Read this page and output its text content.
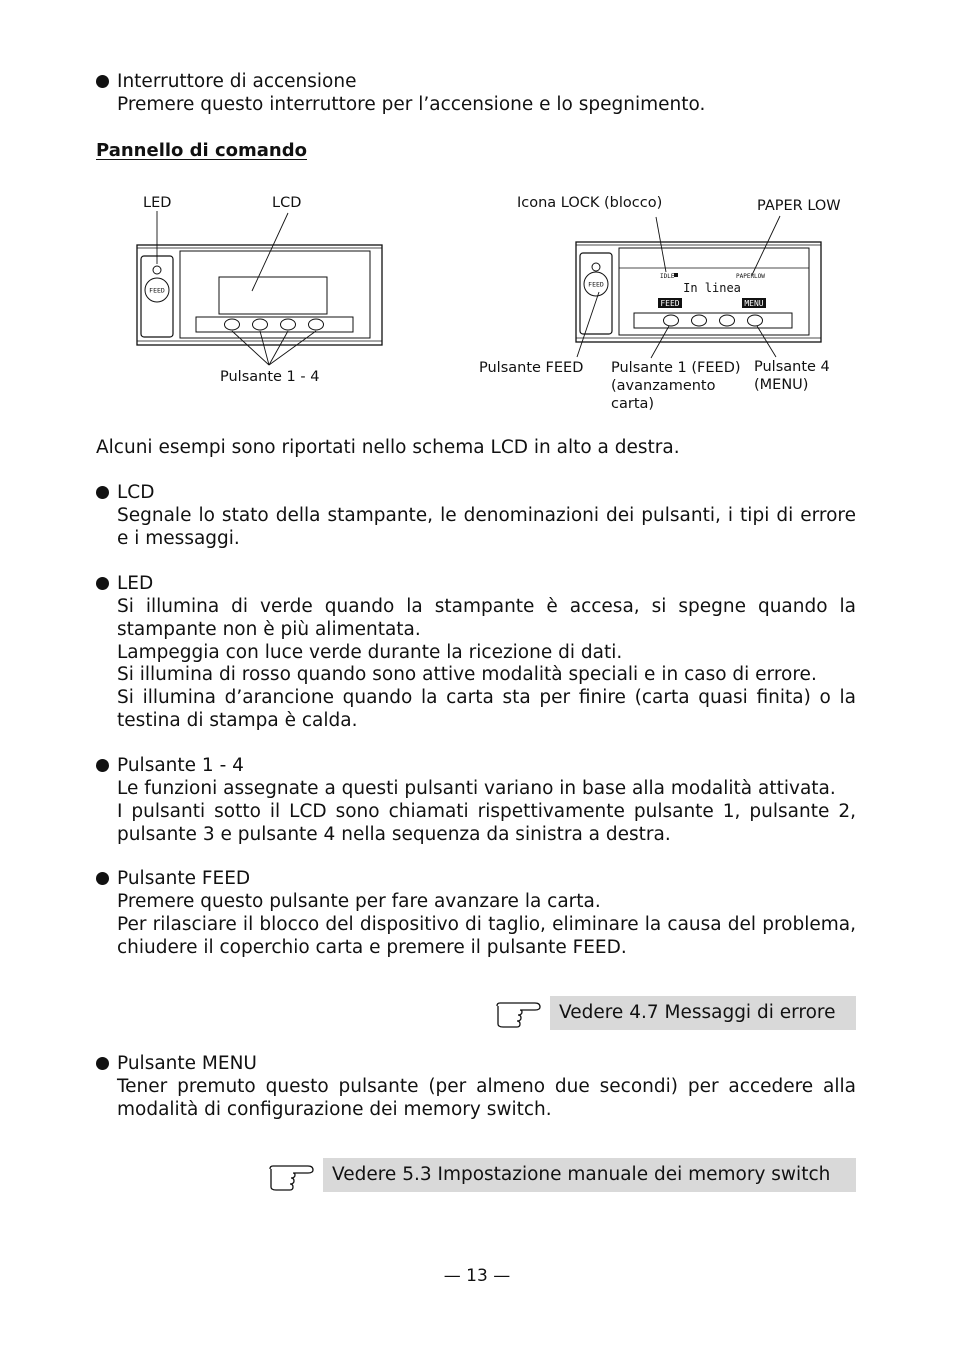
Interruttore di accensione

Premere questo interruttore per l’accensione e lo spegnimento.

Pannello di comando
FEED
FEED
IDLE	PAPERLOW
In linea
FEED	MENU
LED	LCD
Pulsante 1 - 4
Icona LOCK (blocco)	PAPER LOW
Pulsante FEED Pulsante 1 (FEED)
(avanzamento
carta)
Pulsante 4
(MENU)
Alcuni esempi sono riportati nello schema LCD in alto a destra.
LCD

Segnale lo stato della stampante, le denominazioni dei pulsanti, i tipi di errore e i messaggi.

LED

Si illumina di verde quando la stampante è accesa, si spegne quando la stampante non è più alimentata.

Lampeggia con luce verde durante la ricezione di dati.

Si illumina di rosso quando sono attive modalità speciali e in caso di errore.

Si illumina d’arancione quando la carta sta per finire (carta quasi finita) o la testina di stampa è calda.

Pulsante 1 - 4

Le funzioni assegnate a questi pulsanti variano in base alla modalità attivata.

I pulsanti sotto il LCD sono chiamati rispettivamente pulsante 1, pulsante 2, pulsante 3 e pulsante 4 nella sequenza da sinistra a destra.

Pulsante FEED

Premere questo pulsante per fare avanzare la carta.

Per rilasciare il blocco del dispositivo di taglio, eliminare la causa del problema, chiudere il coperchio carta e premere il pulsante FEED.

Vedere 4.7 Messaggi di errore
Pulsante MENU

Tener premuto questo pulsante (per almeno due secondi) per accedere alla modalità di configurazione dei memory switch.

Vedere 5.3 Impostazione manuale dei memory switch
— 13 —
